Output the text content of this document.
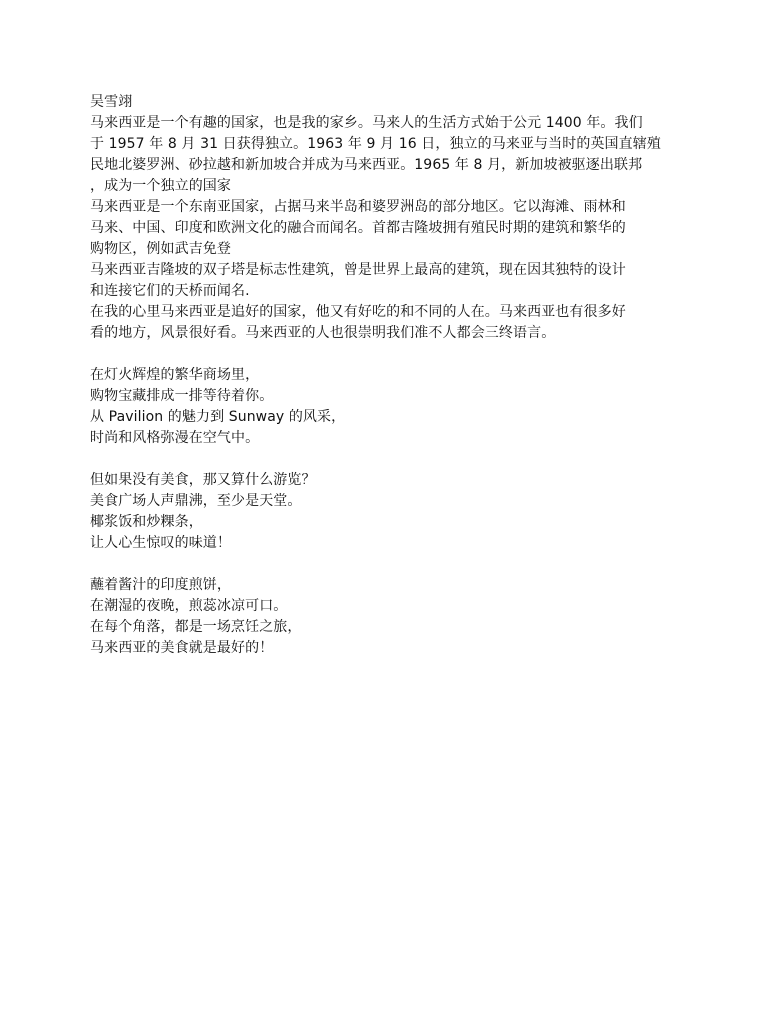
吴雪翊
马来西亚是一个有趣的国家，也是我的家乡。马来人的生活方式始于公元 1400 年。我们
于 1957 年 8 月 31 日获得独立。1963 年 9 月 16 日，独立的马来亚与当时的英国直辖殖
民地北婆罗洲、砂拉越和新加坡合并成为马来西亚。1965 年 8 月，新加坡被驱逐出联邦
，成为一个独立的国家
马来西亚是一个东南亚国家，占据马来半岛和婆罗洲岛的部分地区。它以海滩、雨林和
马来、中国、印度和欧洲文化的融合而闻名。首都吉隆坡拥有殖民时期的建筑和繁华的
购物区，例如武吉免登
马来西亚吉隆坡的双子塔是标志性建筑，曾是世界上最高的建筑，现在因其独特的设计
和连接它们的天桥而闻名.
在我的心里马来西亚是追好的国家，他又有好吃的和不同的人在。马来西亚也有很多好
看的地方，风景很好看。马来西亚的人也很崇明我们准不人都会三终语言。
在灯火辉煌的繁华商场里，
购物宝藏排成一排等待着你。
从 Pavilion 的魅力到 Sunway 的风采，
时尚和风格弥漫在空气中。
但如果没有美食，那又算什么游览？
美食广场人声鼎沸，至少是天堂。
椰浆饭和炒粿条，
让人心生惊叹的味道！
蘸着酱汁的印度煎饼，
在潮湿的夜晚，煎蕊冰凉可口。
在每个角落，都是一场烹饪之旅，
马来西亚的美食就是最好的！
